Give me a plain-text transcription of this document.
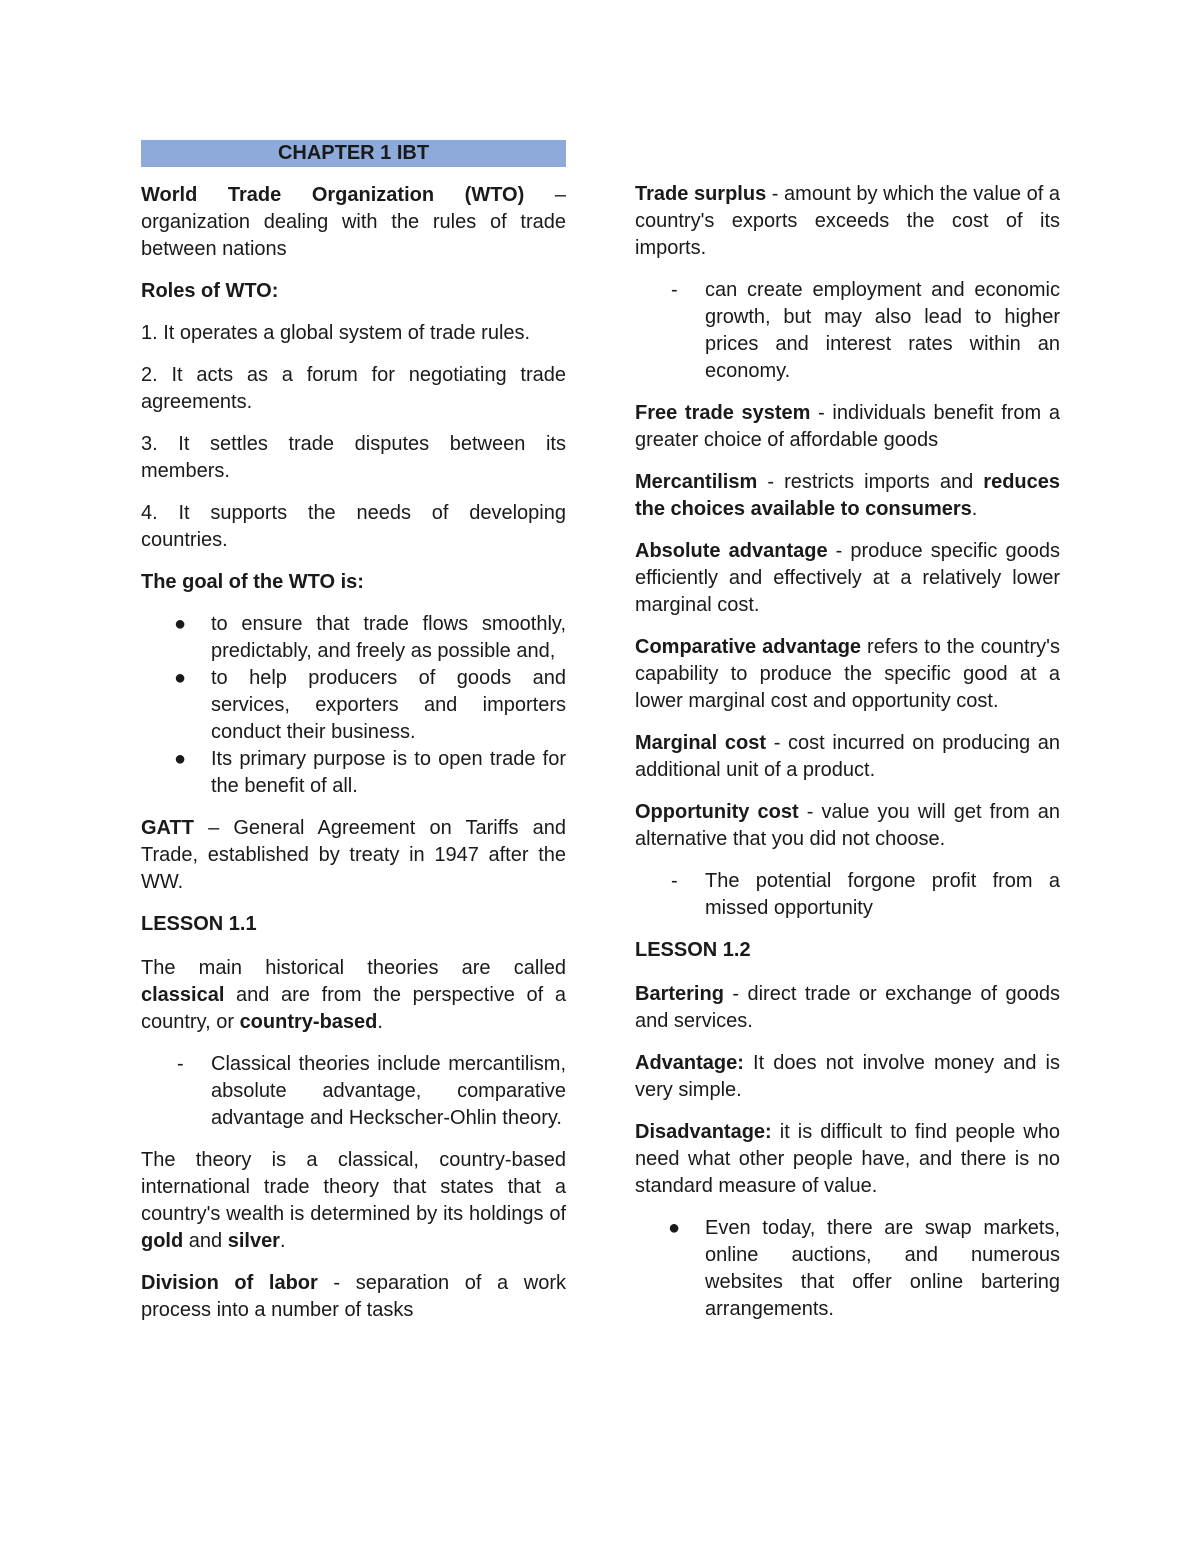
CHAPTER 1 IBT

World Trade Organization (WTO) – organization dealing with the rules of trade between nations

Roles of WTO:

1. It operates a global system of trade rules.

2. It acts as a forum for negotiating trade agreements.

3. It settles trade disputes between its members.

4. It supports the needs of developing countries.

The goal of the WTO is:

● to ensure that trade flows smoothly, predictably, and freely as possible and,
● to help producers of goods and services, exporters and importers conduct their business.
● Its primary purpose is to open trade for the benefit of all.

GATT – General Agreement on Tariffs and Trade, established by treaty in 1947 after the WW.

LESSON 1.1

The main historical theories are called classical and are from the perspective of a country, or country-based.

- Classical theories include mercantilism, absolute advantage, comparative advantage and Heckscher-Ohlin theory.

The theory is a classical, country-based international trade theory that states that a country's wealth is determined by its holdings of gold and silver.

Division of labor - separation of a work process into a number of tasks

Trade surplus - amount by which the value of a country's exports exceeds the cost of its imports.

- can create employment and economic growth, but may also lead to higher prices and interest rates within an economy.

Free trade system - individuals benefit from a greater choice of affordable goods

Mercantilism - restricts imports and reduces the choices available to consumers.

Absolute advantage - produce specific goods efficiently and effectively at a relatively lower marginal cost.

Comparative advantage refers to the country's capability to produce the specific good at a lower marginal cost and opportunity cost.

Marginal cost - cost incurred on producing an additional unit of a product.

Opportunity cost - value you will get from an alternative that you did not choose.

- The potential forgone profit from a missed opportunity
LESSON 1.2

Bartering - direct trade or exchange of goods and services.

Advantage: It does not involve money and is very simple.

Disadvantage: it is difficult to find people who need what other people have, and there is no standard measure of value.

● Even today, there are swap markets, online auctions, and numerous websites that offer online bartering arrangements.
